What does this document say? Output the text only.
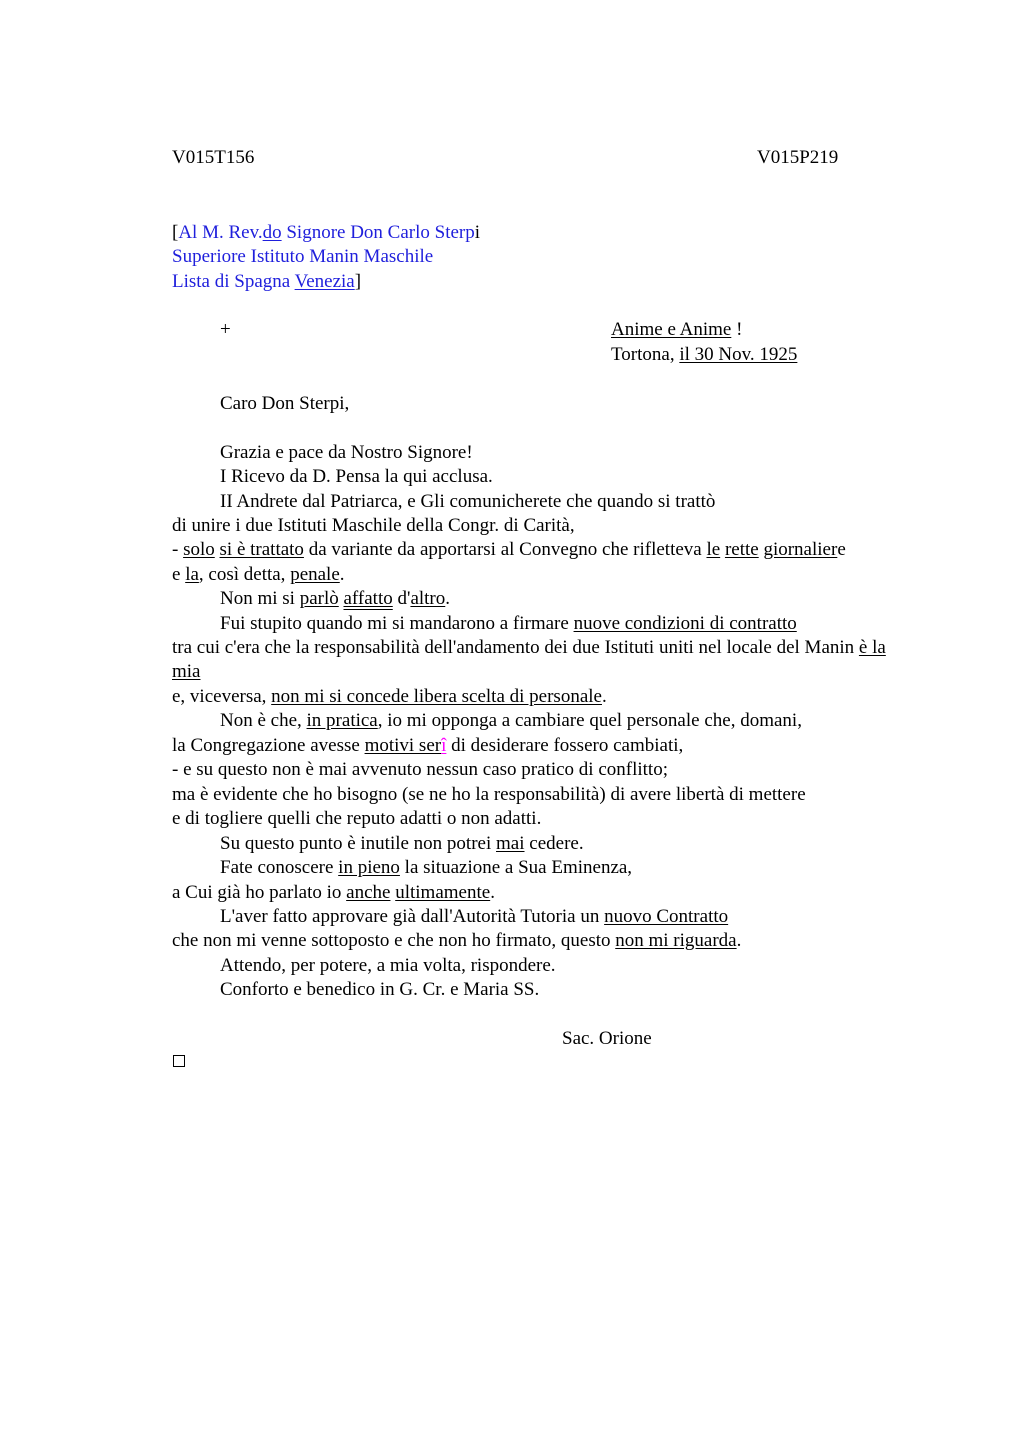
V015T156	V015P219
[Al M. Rev.do Signore Don Carlo Sterpi
Superiore Istituto Manin Maschile
Lista di Spagna Venezia]
+	Anime e Anime !
Tortona, il 30 Nov. 1925
Caro Don Sterpi,
Grazia e pace da Nostro Signore!
I Ricevo da D. Pensa la qui acclusa.
II Andrete dal Patriarca, e Gli comunicherete che quando si trattò
di unire i due Istituti Maschile della Congr. di Carità,
- solo si è trattato da variante da apportarsi al Convegno che rifletteva le rette giornaliere
e la, così detta, penale.
Non mi si parlò affatto d'altro.
Fui stupito quando mi si mandarono a firmare nuove condizioni di contratto
tra cui c'era che la responsabilità dell'andamento dei due Istituti uniti nel locale del Manin è la
mia
e, viceversa, non mi si concede libera scelta di personale.
Non è che, in pratica, io mi opponga a cambiare quel personale che, domani,
la Congregazione avesse motivi serî di desiderare fossero cambiati,
- e su questo non è mai avvenuto nessun caso pratico di conflitto;
ma è evidente che ho bisogno (se ne ho la responsabilità) di avere libertà di mettere
e di togliere quelli che reputo adatti o non adatti.
Su questo punto è inutile non potrei mai cedere.
Fate conoscere in pieno la situazione a Sua Eminenza,
a Cui già ho parlato io anche ultimamente.
L'aver fatto approvare già dall'Autorità Tutoria un nuovo Contratto
che non mi venne sottoposto e che non ho firmato, questo non mi riguarda.
Attendo, per potere, a mia volta, rispondere.
Conforto e benedico in G. Cr. e Maria SS.
Sac. Orione
